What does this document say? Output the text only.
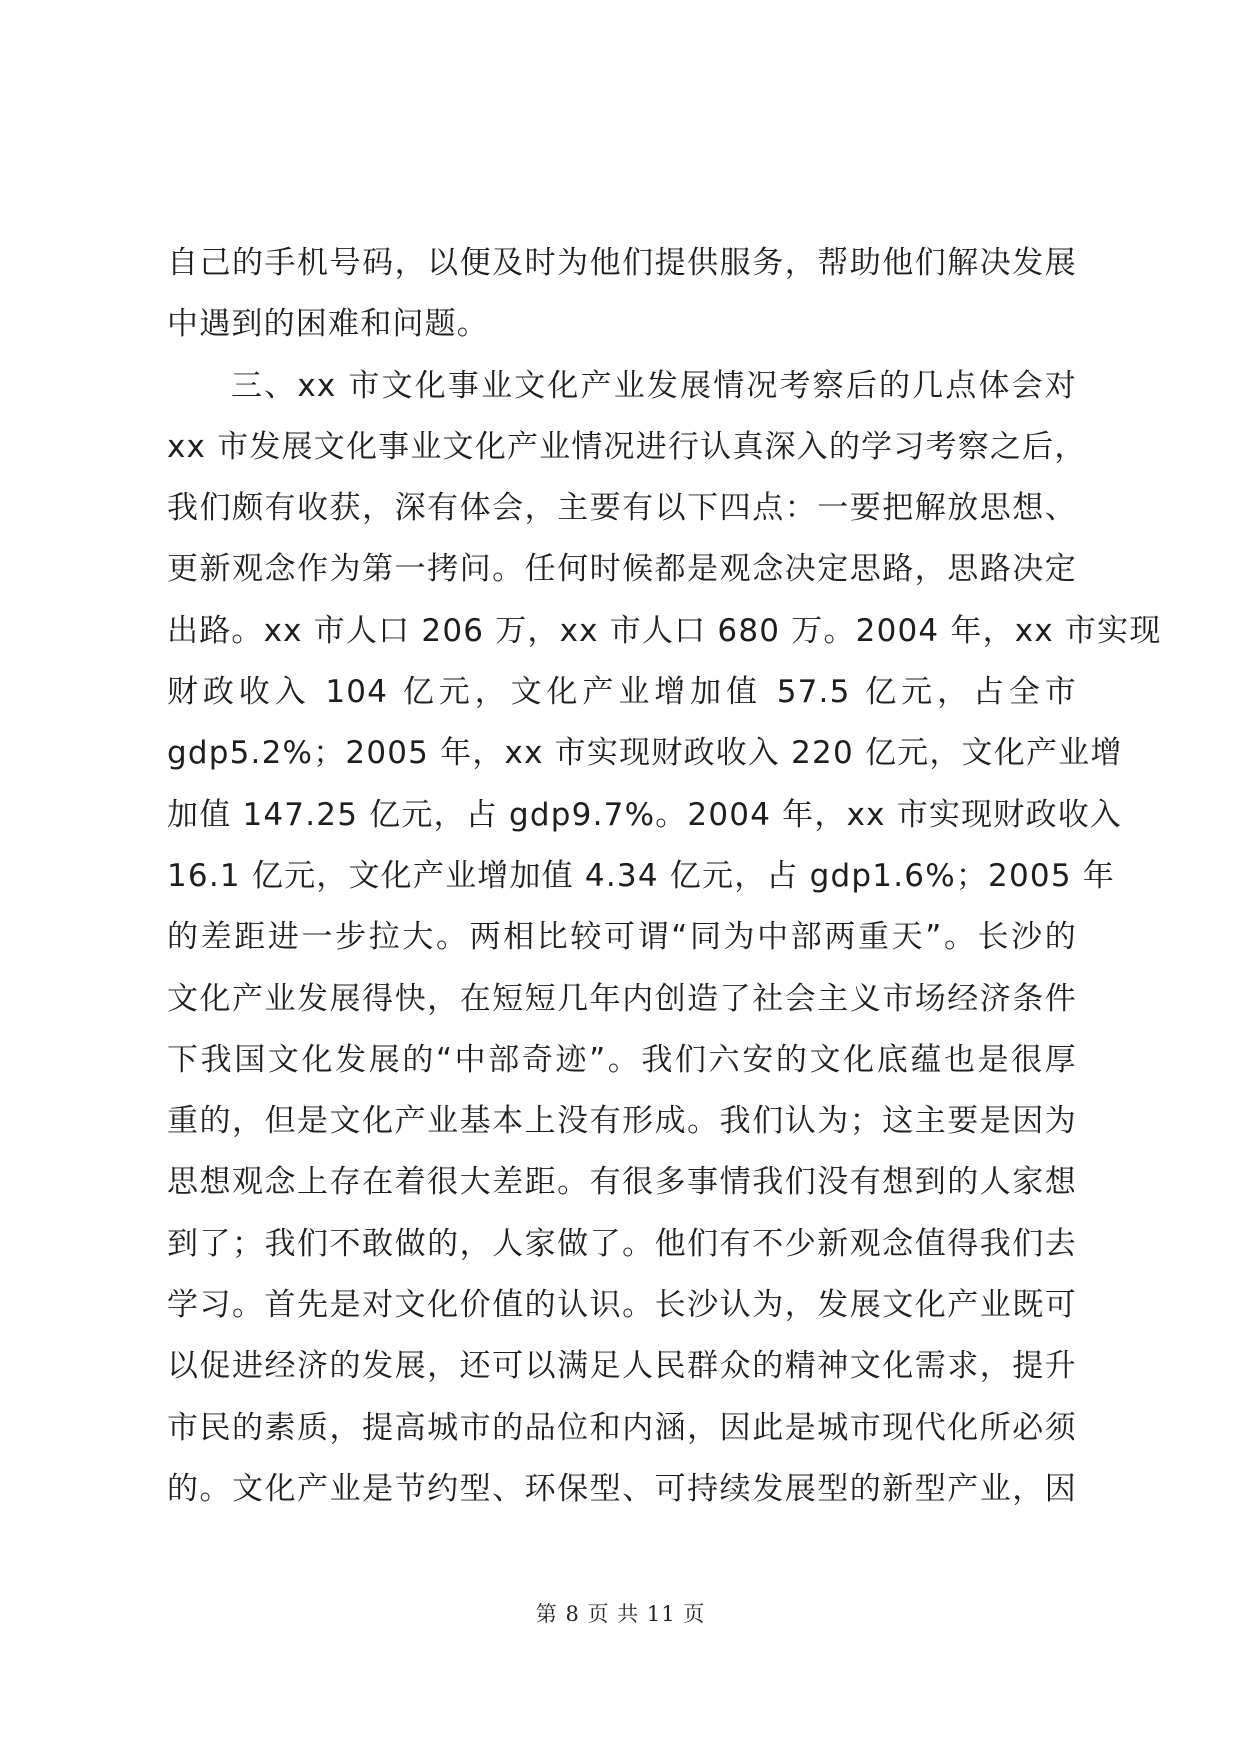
自己的手机号码，以便及时为他们提供服务，帮助他们解决发展
中遇到的困难和问题。
三、xx 市文化事业文化产业发展情况考察后的几点体会对
xx 市发展文化事业文化产业情况进行认真深入的学习考察之后，
我们颇有收获，深有体会，主要有以下四点：一要把解放思想、
更新观念作为第一拷问。任何时候都是观念决定思路，思路决定
出路。xx 市人口 206 万，xx 市人口 680 万。2004 年，xx 市实现
财政收入 104 亿元，文化产业增加值 57.5 亿元，占全市
gdp5.2%；2005 年，xx 市实现财政收入 220 亿元，文化产业增
加值 147.25 亿元，占 gdp9.7%。2004 年，xx 市实现财政收入
16.1 亿元，文化产业增加值 4.34 亿元，占 gdp1.6%；2005 年
的差距进一步拉大。两相比较可谓“同为中部两重天”。长沙的
文化产业发展得快，在短短几年内创造了社会主义市场经济条件
下我国文化发展的“中部奇迹”。我们六安的文化底蕴也是很厚
重的，但是文化产业基本上没有形成。我们认为；这主要是因为
思想观念上存在着很大差距。有很多事情我们没有想到的人家想
到了；我们不敢做的，人家做了。他们有不少新观念值得我们去
学习。首先是对文化价值的认识。长沙认为，发展文化产业既可
以促进经济的发展，还可以满足人民群众的精神文化需求，提升
市民的素质，提高城市的品位和内涵，因此是城市现代化所必须
的。文化产业是节约型、环保型、可持续发展型的新型产业，因
第 8 页 共 11 页
